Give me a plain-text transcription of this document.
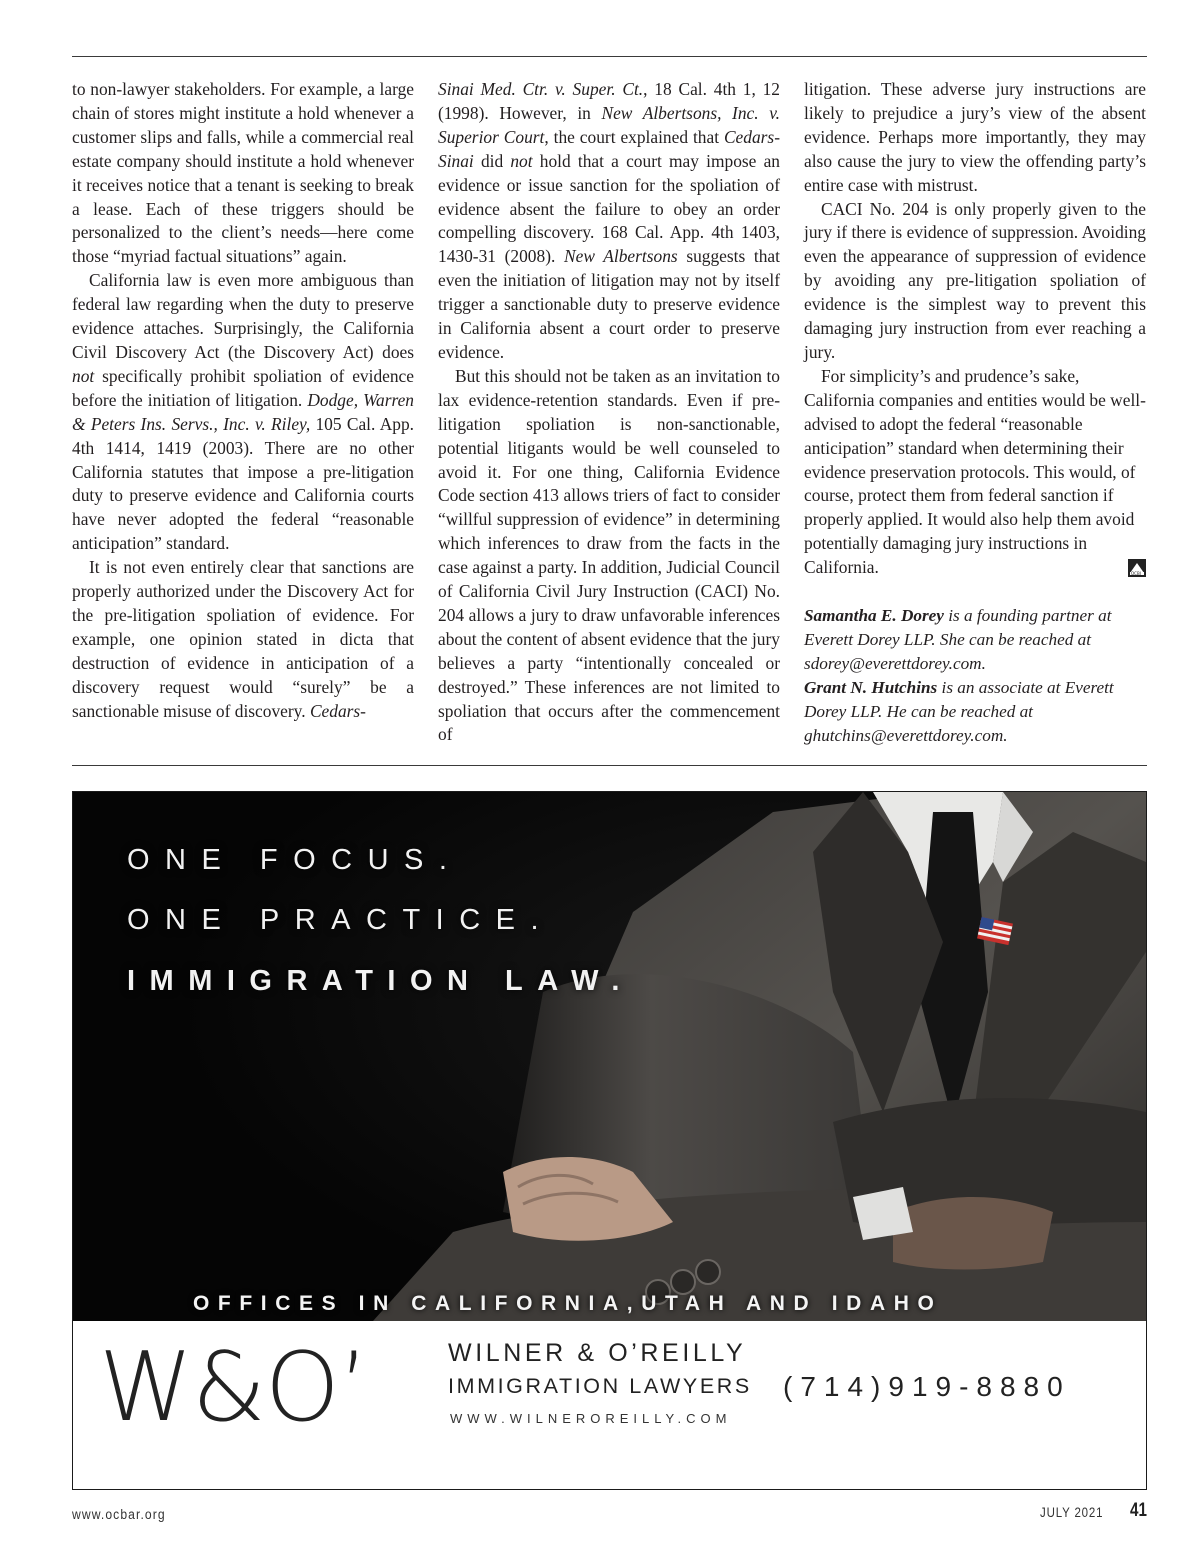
to non-lawyer stakeholders. For example, a large chain of stores might institute a hold whenever a customer slips and falls, while a commercial real estate company should institute a hold whenever it receives notice that a tenant is seeking to break a lease. Each of these triggers should be personalized to the client’s needs—here come those “myriad factual situations” again.

California law is even more ambiguous than federal law regarding when the duty to preserve evidence attaches. Surprisingly, the California Civil Discovery Act (the Discovery Act) does not specifically prohibit spoliation of evidence before the initiation of litigation. Dodge, Warren & Peters Ins. Servs., Inc. v. Riley, 105 Cal. App. 4th 1414, 1419 (2003). There are no other California statutes that impose a pre-litigation duty to preserve evidence and California courts have never adopted the federal “reasonable anticipation” standard.

It is not even entirely clear that sanctions are properly authorized under the Discovery Act for the pre-litigation spoliation of evidence. For example, one opinion stated in dicta that destruction of evidence in anticipation of a discovery request would “surely” be a sanctionable misuse of discovery. Cedars-

Sinai Med. Ctr. v. Super. Ct., 18 Cal. 4th 1, 12 (1998). However, in New Albertsons, Inc. v. Superior Court, the court explained that Cedars-Sinai did not hold that a court may impose an evidence or issue sanction for the spoliation of evidence absent the failure to obey an order compelling discovery. 168 Cal. App. 4th 1403, 1430-31 (2008). New Albertsons suggests that even the initiation of litigation may not by itself trigger a sanctionable duty to preserve evidence in California absent a court order to preserve evidence.

But this should not be taken as an invitation to lax evidence-retention standards. Even if pre-litigation spoliation is non-sanctionable, potential litigants would be well counseled to avoid it. For one thing, California Evidence Code section 413 allows triers of fact to consider “willful suppression of evidence” in determining which inferences to draw from the facts in the case against a party. In addition, Judicial Council of California Civil Jury Instruction (CACI) No. 204 allows a jury to draw unfavorable inferences about the content of absent evidence that the jury believes a party “intentionally concealed or destroyed.” These inferences are not limited to spoliation that occurs after the commencement of

litigation. These adverse jury instructions are likely to prejudice a jury’s view of the absent evidence. Perhaps more importantly, they may also cause the jury to view the offending party’s entire case with mistrust.

CACI No. 204 is only properly given to the jury if there is evidence of suppression. Avoiding even the appearance of suppression of evidence by avoiding any pre-litigation spoliation of evidence is the simplest way to prevent this damaging jury instruction from ever reaching a jury.

For simplicity’s and prudence’s sake, California companies and entities would be well-advised to adopt the federal “reasonable anticipation” standard when determining their evidence preservation protocols. This would, of course, protect them from federal sanction if properly applied. It would also help them avoid potentially damaging jury instructions in California.	OCBJ

Samantha E. Dorey is a founding partner at Everett Dorey LLP. She can be reached at sdorey@everettdorey.com.
Grant N. Hutchins is an associate at Everett Dorey LLP. He can be reached at ghutchins@everettdorey.com.
ONE FOCUS.
ONE PRACTICE.
IMMIGRATION LAW.
OFFICES IN CALIFORNIA,UTAH AND IDAHO
W&O’	WILNER & O’REILLY
IMMIGRATION LAWYERS
WWW.WILNEROREILLY.COM
(714)919-8880
www.ocbar.org	JULY 2021 41
